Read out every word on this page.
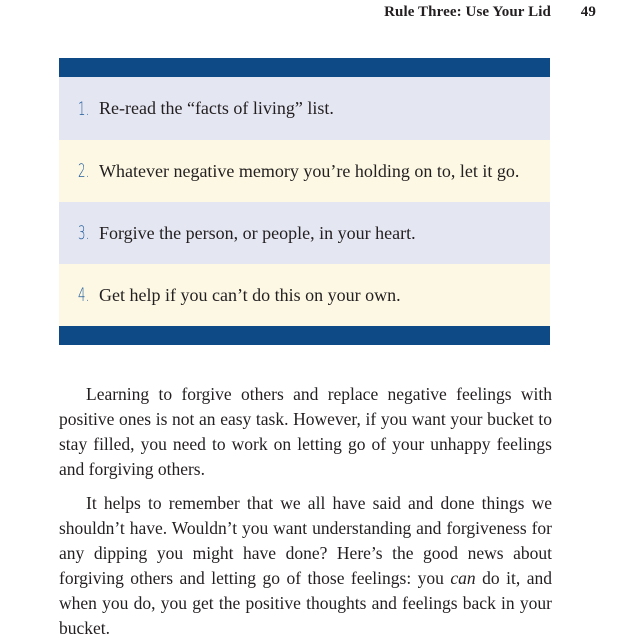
Rule Three: Use Your Lid 49
1. Re-read the “facts of living” list.
2. Whatever negative memory you’re holding on to, let it go.
3. Forgive the person, or people, in your heart.
4. Get help if you can’t do this on your own.

Learning to forgive others and replace negative feelings with positive ones is not an easy task. However, if you want your bucket to stay filled, you need to work on letting go of your unhappy feelings and forgiving others.

It helps to remember that we all have said and done things we shouldn’t have. Wouldn’t you want understanding and forgiveness for any dipping you might have done? Here’s the good news about forgiving others and letting go of those feelings: you can do it, and when you do, you get the positive thoughts and feelings back in your bucket.
